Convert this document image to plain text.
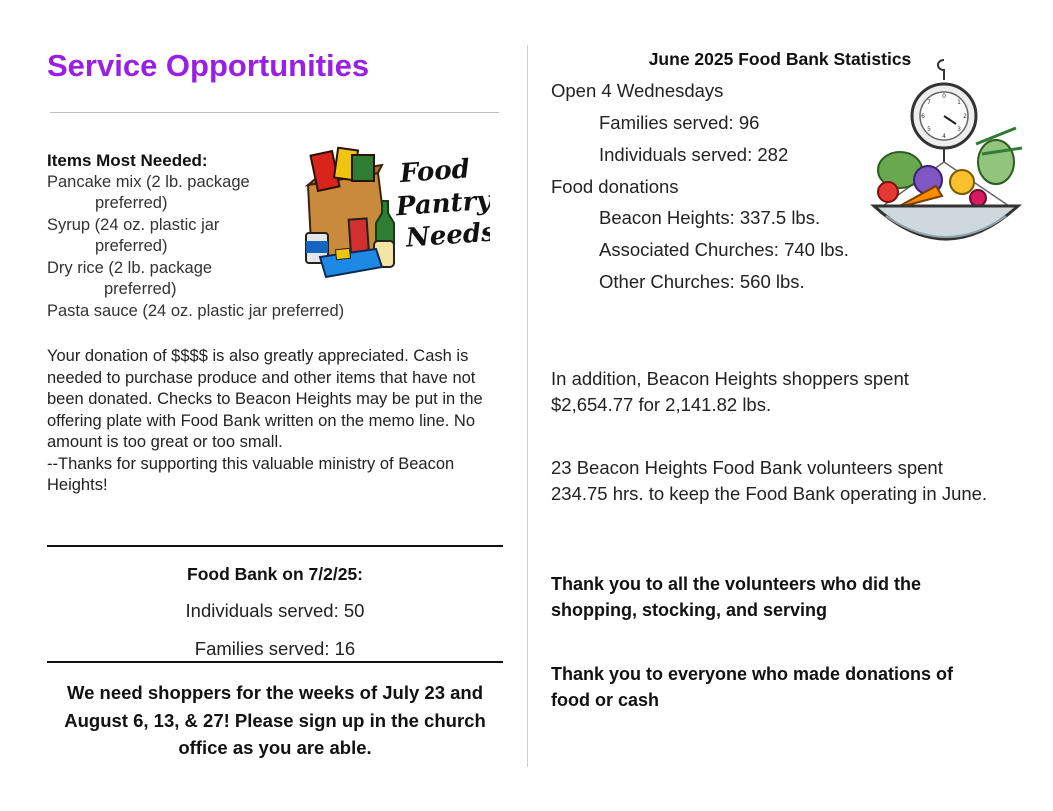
Service Opportunities
Items Most Needed:
Pancake mix (2 lb. package
preferred)
Syrup (24 oz. plastic jar
preferred)
Dry rice (2 lb. package
preferred)
Pasta sauce (24 oz. plastic jar preferred)
Food
Pantry
Needs
Your donation of $$$$ is also greatly appreciated. Cash is needed to purchase produce and other items that have not been donated. Checks to Beacon Heights may be put in the offering plate with Food Bank written on the memo line. No amount is too great or too small.
--Thanks for supporting this valuable ministry of Beacon Heights!
Food Bank on 7/2/25:
Individuals served: 50
Families served: 16
We need shoppers for the weeks of July 23 and August 6, 13, & 27! Please sign up in the church office as you are able.
June 2025 Food Bank Statistics
Open 4 Wednesdays
Families served: 96
Individuals served: 282
Food donations
Beacon Heights: 337.5 lbs.
Associated Churches: 740 lbs.
Other Churches: 560 lbs.
0
1
2
3
4
5
6
7
In addition, Beacon Heights shoppers spent $2,654.77 for 2,141.82 lbs.
23 Beacon Heights Food Bank volunteers spent 234.75 hrs. to keep the Food Bank operating in June.
Thank you to all the volunteers who did the shopping, stocking, and serving
Thank you to everyone who made donations of food or cash
